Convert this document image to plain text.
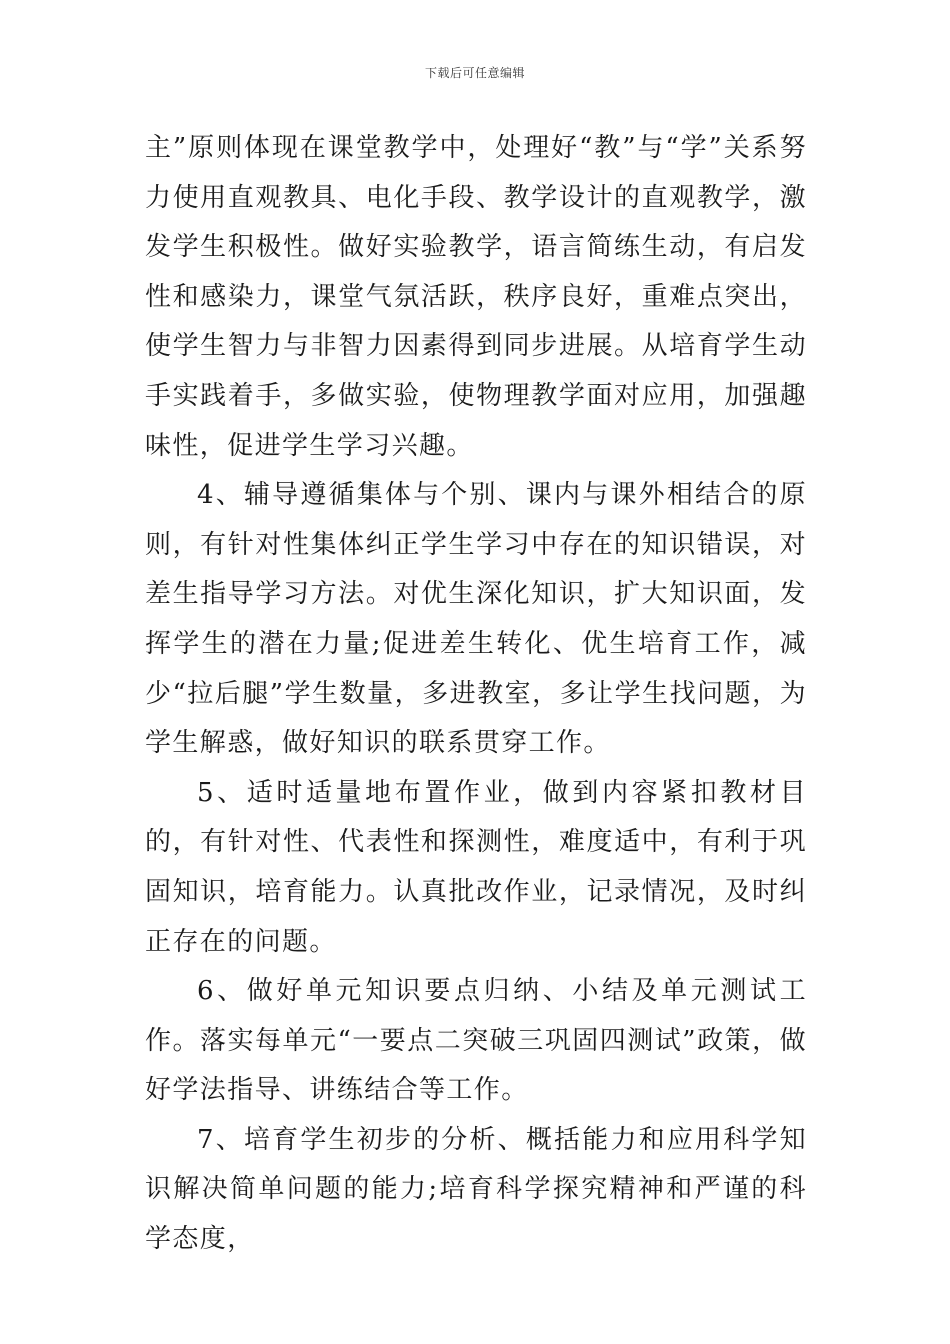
下载后可任意编辑

主”原则体现在课堂教学中，处理好“教”与“学”关系努力使用直观教具、电化手段、教学设计的直观教学，激发学生积极性。做好实验教学，语言简练生动，有启发性和感染力，课堂气氛活跃，秩序良好，重难点突出，使学生智力与非智力因素得到同步进展。从培育学生动手实践着手，多做实验，使物理教学面对应用，加强趣味性，促进学生学习兴趣。

4、辅导遵循集体与个别、课内与课外相结合的原则，有针对性集体纠正学生学习中存在的知识错误，对差生指导学习方法。对优生深化知识，扩大知识面，发挥学生的潜在力量;促进差生转化、优生培育工作，减少“拉后腿”学生数量，多进教室，多让学生找问题，为学生解惑，做好知识的联系贯穿工作。

5、适时适量地布置作业，做到内容紧扣教材目的，有针对性、代表性和探测性，难度适中，有利于巩固知识，培育能力。认真批改作业，记录情况，及时纠正存在的问题。

6、做好单元知识要点归纳、小结及单元测试工作。落实每单元“一要点二突破三巩固四测试”政策，做好学法指导、讲练结合等工作。

7、培育学生初步的分析、概括能力和应用科学知识解决简单问题的能力;培育科学探究精神和严谨的科学态度，
